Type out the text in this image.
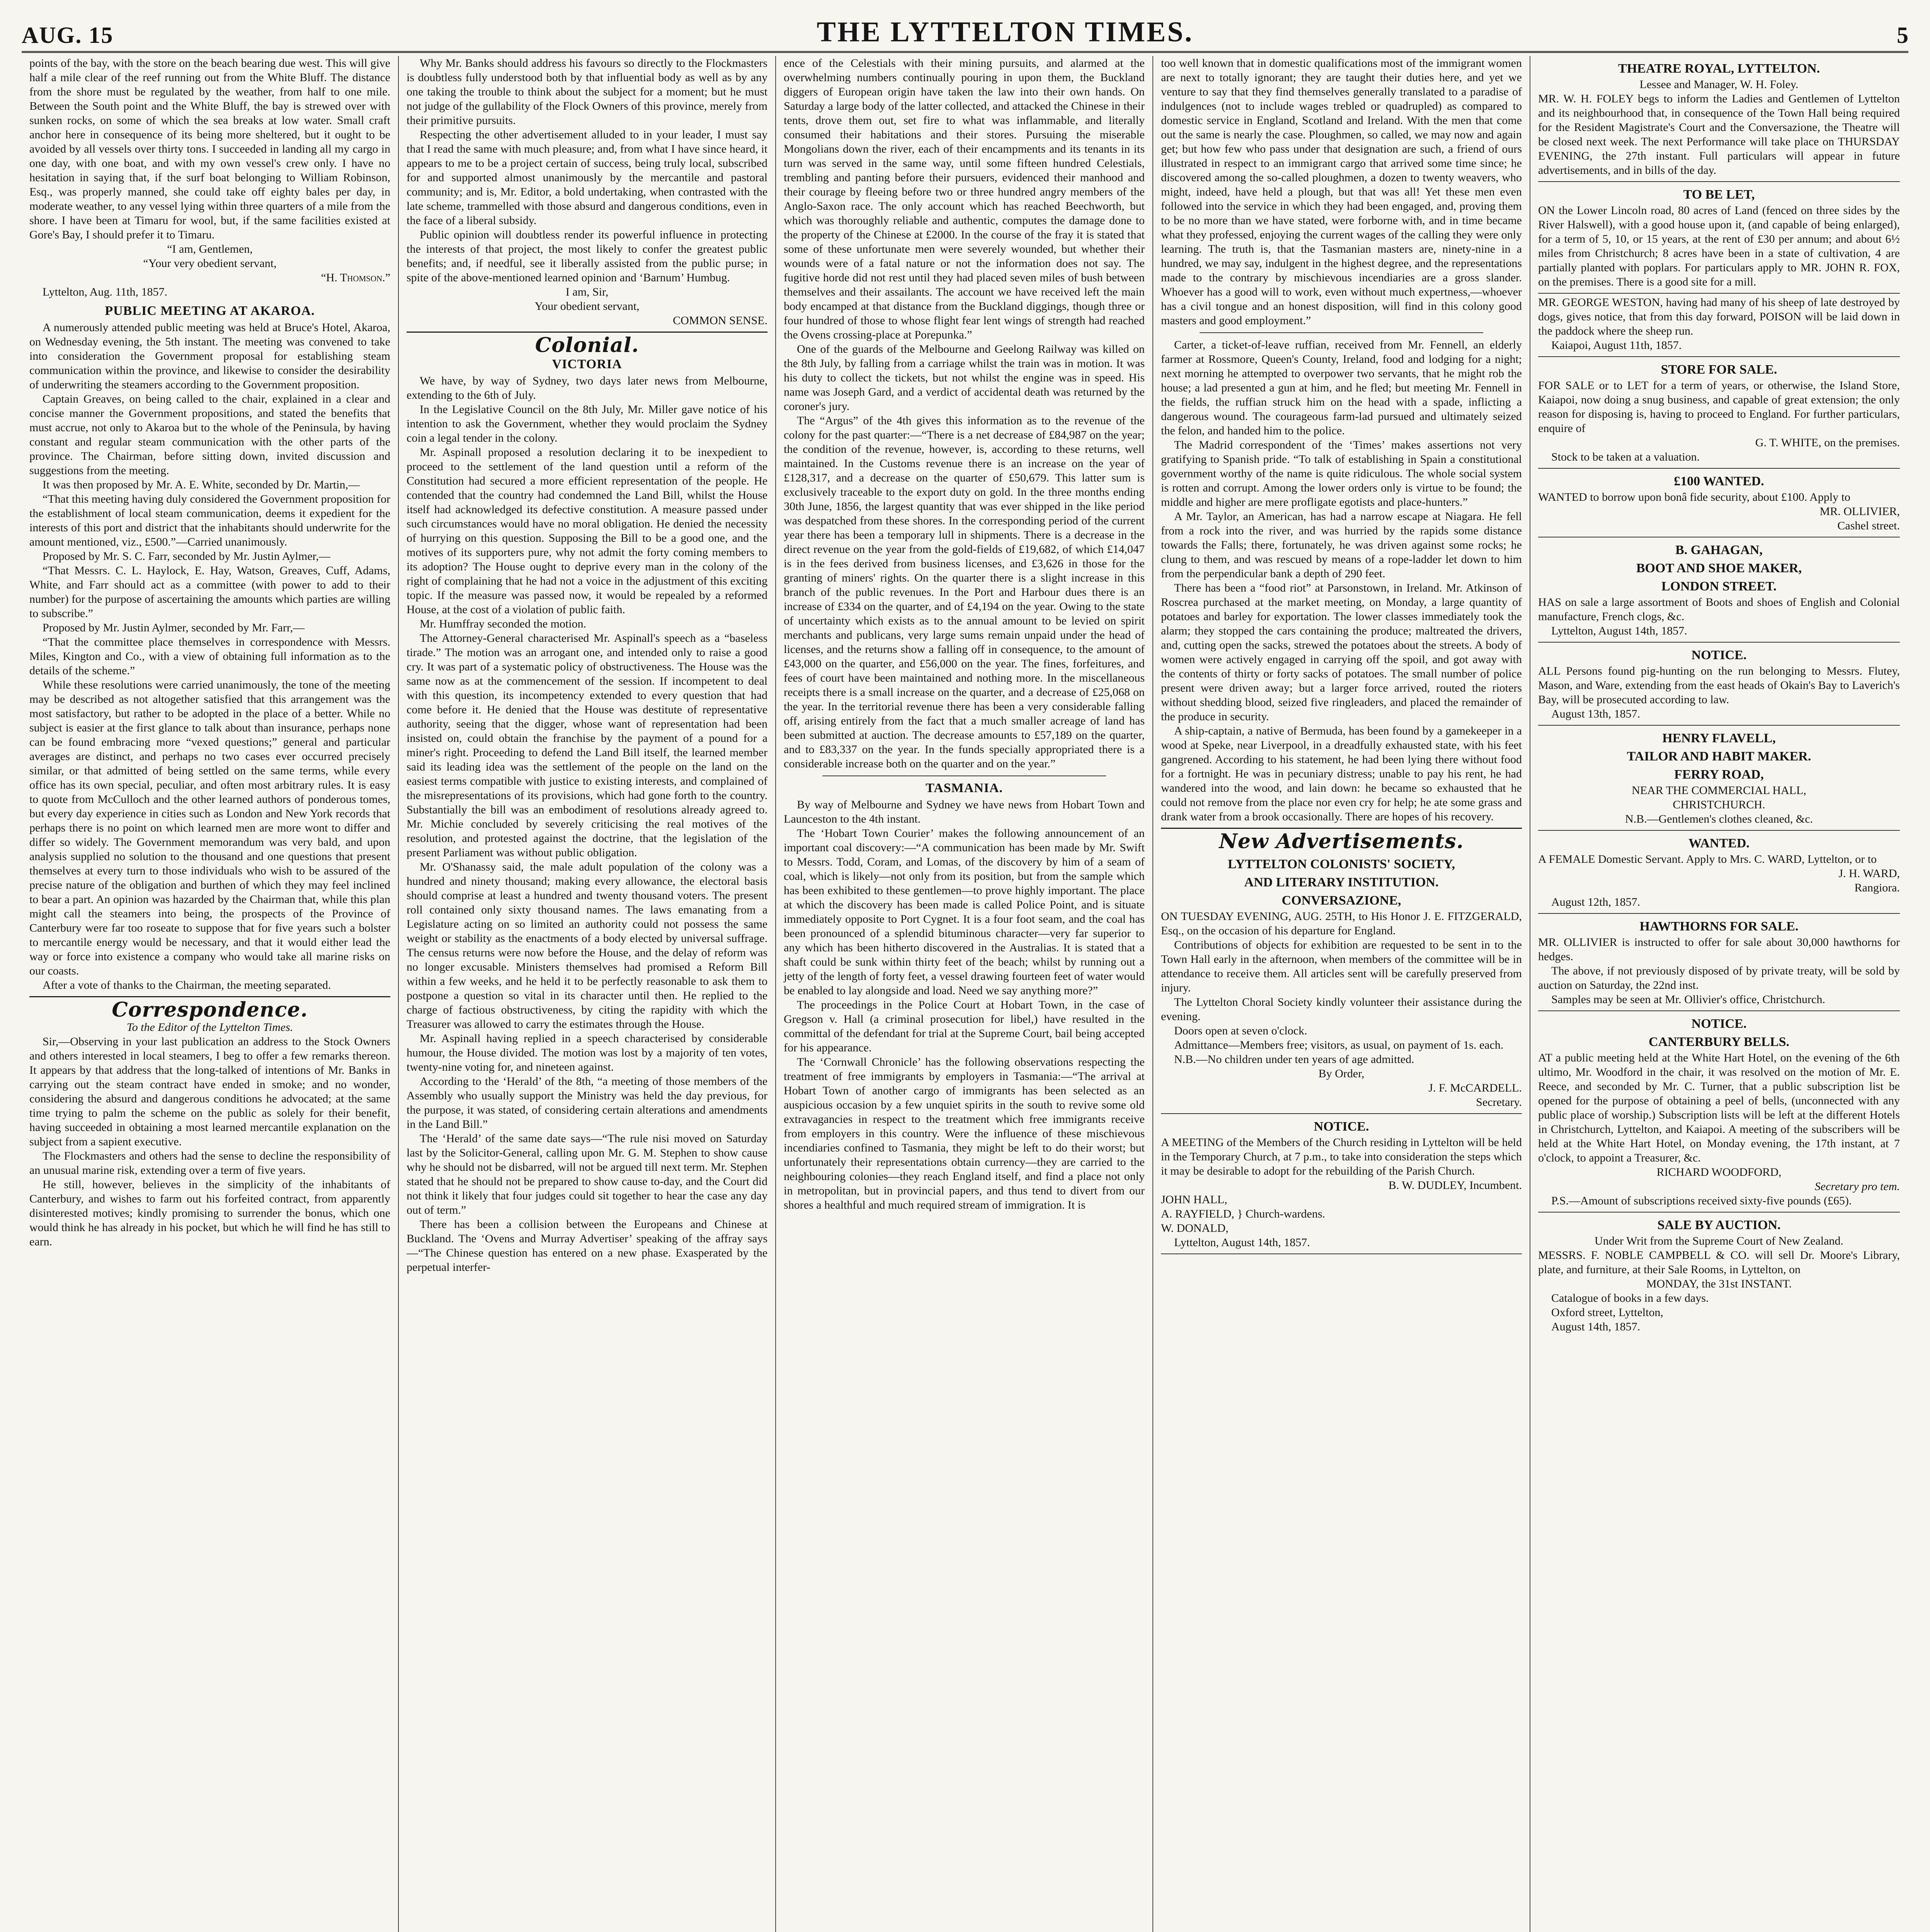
AUG. 15	THE LYTTELTON TIMES.	5

points of the bay, with the store on the beach bearing due west. This will give half a mile clear of the reef running out from the White Bluff. The distance from the shore must be regulated by the weather, from half to one mile. Between the South point and the White Bluff, the bay is strewed over with sunken rocks, on some of which the sea breaks at low water. Small craft anchor here in consequence of its being more sheltered, but it ought to be avoided by all vessels over thirty tons. I succeeded in landing all my cargo in one day, with one boat, and with my own vessel's crew only. I have no hesitation in saying that, if the surf boat belonging to William Robinson, Esq., was properly manned, she could take off eighty bales per day, in moderate weather, to any vessel lying within three quarters of a mile from the shore. I have been at Timaru for wool, but, if the same facilities existed at Gore's Bay, I should prefer it to Timaru.

“I am, Gentlemen,

“Your very obedient servant,

“H. Thomson.”

Lyttelton, Aug. 11th, 1857.

PUBLIC MEETING AT AKAROA.

A numerously attended public meeting was held at Bruce's Hotel, Akaroa, on Wednesday evening, the 5th instant. The meeting was convened to take into consideration the Government proposal for establishing steam communication within the province, and likewise to consider the desirability of underwriting the steamers according to the Government proposition.

Captain Greaves, on being called to the chair, explained in a clear and concise manner the Government propositions, and stated the benefits that must accrue, not only to Akaroa but to the whole of the Peninsula, by having constant and regular steam communication with the other parts of the province. The Chairman, before sitting down, invited discussion and suggestions from the meeting.

It was then proposed by Mr. A. E. White, seconded by Dr. Martin,—

“That this meeting having duly considered the Government proposition for the establishment of local steam communication, deems it expedient for the interests of this port and district that the inhabitants should underwrite for the amount mentioned, viz., £500.”—Carried unanimously.

Proposed by Mr. S. C. Farr, seconded by Mr. Justin Aylmer,—

“That Messrs. C. L. Haylock, E. Hay, Watson, Greaves, Cuff, Adams, White, and Farr should act as a committee (with power to add to their number) for the purpose of ascertaining the amounts which parties are willing to subscribe.”

Proposed by Mr. Justin Aylmer, seconded by Mr. Farr,—

“That the committee place themselves in correspondence with Messrs. Miles, Kington and Co., with a view of obtaining full information as to the details of the scheme.”

While these resolutions were carried unanimously, the tone of the meeting may be described as not altogether satisfied that this arrangement was the most satisfactory, but rather to be adopted in the place of a better. While no subject is easier at the first glance to talk about than insurance, perhaps none can be found embracing more “vexed questions;” general and particular averages are distinct, and perhaps no two cases ever occurred precisely similar, or that admitted of being settled on the same terms, while every office has its own special, peculiar, and often most arbitrary rules. It is easy to quote from McCulloch and the other learned authors of ponderous tomes, but every day experience in cities such as London and New York records that perhaps there is no point on which learned men are more wont to differ and differ so widely. The Government memorandum was very bald, and upon analysis supplied no solution to the thousand and one questions that present themselves at every turn to those individuals who wish to be assured of the precise nature of the obligation and burthen of which they may feel inclined to bear a part. An opinion was hazarded by the Chairman that, while this plan might call the steamers into being, the prospects of the Province of Canterbury were far too roseate to suppose that for five years such a bolster to mercantile energy would be necessary, and that it would either lead the way or force into existence a company who would take all marine risks on our coasts.

After a vote of thanks to the Chairman, the meeting separated.

Correspondence.

To the Editor of the Lyttelton Times.

Sir,—Observing in your last publication an address to the Stock Owners and others interested in local steamers, I beg to offer a few remarks thereon. It appears by that address that the long-talked of intentions of Mr. Banks in carrying out the steam contract have ended in smoke; and no wonder, considering the absurd and dangerous conditions he advocated; at the same time trying to palm the scheme on the public as solely for their benefit, having succeeded in obtaining a most learned mercantile explanation on the subject from a sapient executive.

The Flockmasters and others had the sense to decline the responsibility of an unusual marine risk, extending over a term of five years.

He still, however, believes in the simplicity of the inhabitants of Canterbury, and wishes to farm out his forfeited contract, from apparently disinterested motives; kindly promising to surrender the bonus, which one would think he has already in his pocket, but which he will find he has still to earn.

Why Mr. Banks should address his favours so directly to the Flockmasters is doubtless fully understood both by that influential body as well as by any one taking the trouble to think about the subject for a moment; but he must not judge of the gullability of the Flock Owners of this province, merely from their primitive pursuits.

Respecting the other advertisement alluded to in your leader, I must say that I read the same with much pleasure; and, from what I have since heard, it appears to me to be a project certain of success, being truly local, subscribed for and supported almost unanimously by the mercantile and pastoral community; and is, Mr. Editor, a bold undertaking, when contrasted with the late scheme, trammelled with those absurd and dangerous conditions, even in the face of a liberal subsidy.

Public opinion will doubtless render its powerful influence in protecting the interests of that project, the most likely to confer the greatest public benefits; and, if needful, see it liberally assisted from the public purse; in spite of the above-mentioned learned opinion and ‘Barnum’ Humbug.

I am, Sir,

Your obedient servant,

COMMON SENSE.

Colonial.
VICTORIA

We have, by way of Sydney, two days later news from Melbourne, extending to the 6th of July.

In the Legislative Council on the 8th July, Mr. Miller gave notice of his intention to ask the Government, whether they would proclaim the Sydney coin a legal tender in the colony.

Mr. Aspinall proposed a resolution declaring it to be inexpedient to proceed to the settlement of the land question until a reform of the Constitution had secured a more efficient representation of the people. He contended that the country had condemned the Land Bill, whilst the House itself had acknowledged its defective constitution. A measure passed under such circumstances would have no moral obligation. He denied the necessity of hurrying on this question. Supposing the Bill to be a good one, and the motives of its supporters pure, why not admit the forty coming members to its adoption? The House ought to deprive every man in the colony of the right of complaining that he had not a voice in the adjustment of this exciting topic. If the measure was passed now, it would be repealed by a reformed House, at the cost of a violation of public faith.

Mr. Humffray seconded the motion.

The Attorney-General characterised Mr. Aspinall's speech as a “baseless tirade.” The motion was an arrogant one, and intended only to raise a good cry. It was part of a systematic policy of obstructiveness. The House was the same now as at the commencement of the session. If incompetent to deal with this question, its incompetency extended to every question that had come before it. He denied that the House was destitute of representative authority, seeing that the digger, whose want of representation had been insisted on, could obtain the franchise by the payment of a pound for a miner's right. Proceeding to defend the Land Bill itself, the learned member said its leading idea was the settlement of the people on the land on the easiest terms compatible with justice to existing interests, and complained of the misrepresentations of its provisions, which had gone forth to the country. Substantially the bill was an embodiment of resolutions already agreed to. Mr. Michie concluded by severely criticising the real motives of the resolution, and protested against the doctrine, that the legislation of the present Parliament was without public obligation.

Mr. O'Shanassy said, the male adult population of the colony was a hundred and ninety thousand; making every allowance, the electoral basis should comprise at least a hundred and twenty thousand voters. The present roll contained only sixty thousand names. The laws emanating from a Legislature acting on so limited an authority could not possess the same weight or stability as the enactments of a body elected by universal suffrage. The census returns were now before the House, and the delay of reform was no longer excusable. Ministers themselves had promised a Reform Bill within a few weeks, and he held it to be perfectly reasonable to ask them to postpone a question so vital in its character until then. He replied to the charge of factious obstructiveness, by citing the rapidity with which the Treasurer was allowed to carry the estimates through the House.

Mr. Aspinall having replied in a speech characterised by considerable humour, the House divided. The motion was lost by a majority of ten votes, twenty-nine voting for, and nineteen against.

According to the ‘Herald’ of the 8th, “a meeting of those members of the Assembly who usually support the Ministry was held the day previous, for the purpose, it was stated, of considering certain alterations and amendments in the Land Bill.”

The ‘Herald’ of the same date says—“The rule nisi moved on Saturday last by the Solicitor-General, calling upon Mr. G. M. Stephen to show cause why he should not be disbarred, will not be argued till next term. Mr. Stephen stated that he should not be prepared to show cause to-day, and the Court did not think it likely that four judges could sit together to hear the case any day out of term.”

There has been a collision between the Europeans and Chinese at Buckland. The ‘Ovens and Murray Advertiser’ speaking of the affray says —“The Chinese question has entered on a new phase. Exasperated by the perpetual interfer-

ence of the Celestials with their mining pursuits, and alarmed at the overwhelming numbers continually pouring in upon them, the Buckland diggers of European origin have taken the law into their own hands. On Saturday a large body of the latter collected, and attacked the Chinese in their tents, drove them out, set fire to what was inflammable, and literally consumed their habitations and their stores. Pursuing the miserable Mongolians down the river, each of their encampments and its tenants in its turn was served in the same way, until some fifteen hundred Celestials, trembling and panting before their pursuers, evidenced their manhood and their courage by fleeing before two or three hundred angry members of the Anglo-Saxon race. The only account which has reached Beechworth, but which was thoroughly reliable and authentic, computes the damage done to the property of the Chinese at £2000. In the course of the fray it is stated that some of these unfortunate men were severely wounded, but whether their wounds were of a fatal nature or not the information does not say. The fugitive horde did not rest until they had placed seven miles of bush between themselves and their assailants. The account we have received left the main body encamped at that distance from the Buckland diggings, though three or four hundred of those to whose flight fear lent wings of strength had reached the Ovens crossing-place at Porepunka.”

One of the guards of the Melbourne and Geelong Railway was killed on the 8th July, by falling from a carriage whilst the train was in motion. It was his duty to collect the tickets, but not whilst the engine was in speed. His name was Joseph Gard, and a verdict of accidental death was returned by the coroner's jury.

The “Argus” of the 4th gives this information as to the revenue of the colony for the past quarter:—“There is a net decrease of £84,987 on the year; the condition of the revenue, however, is, according to these returns, well maintained. In the Customs revenue there is an increase on the year of £128,317, and a decrease on the quarter of £50,679. This latter sum is exclusively traceable to the export duty on gold. In the three months ending 30th June, 1856, the largest quantity that was ever shipped in the like period was despatched from these shores. In the corresponding period of the current year there has been a temporary lull in shipments. There is a decrease in the direct revenue on the year from the gold-fields of £19,682, of which £14,047 is in the fees derived from business licenses, and £3,626 in those for the granting of miners' rights. On the quarter there is a slight increase in this branch of the public revenues. In the Port and Harbour dues there is an increase of £334 on the quarter, and of £4,194 on the year. Owing to the state of uncertainty which exists as to the annual amount to be levied on spirit merchants and publicans, very large sums remain unpaid under the head of licenses, and the returns show a falling off in consequence, to the amount of £43,000 on the quarter, and £56,000 on the year. The fines, forfeitures, and fees of court have been maintained and nothing more. In the miscellaneous receipts there is a small increase on the quarter, and a decrease of £25,068 on the year. In the territorial revenue there has been a very considerable falling off, arising entirely from the fact that a much smaller acreage of land has been submitted at auction. The decrease amounts to £57,189 on the quarter, and to £83,337 on the year. In the funds specially appropriated there is a considerable increase both on the quarter and on the year.”

TASMANIA.

By way of Melbourne and Sydney we have news from Hobart Town and Launceston to the 4th instant.

The ‘Hobart Town Courier’ makes the following announcement of an important coal discovery:—“A communication has been made by Mr. Swift to Messrs. Todd, Coram, and Lomas, of the discovery by him of a seam of coal, which is likely—not only from its position, but from the sample which has been exhibited to these gentlemen—to prove highly important. The place at which the discovery has been made is called Police Point, and is situate immediately opposite to Port Cygnet. It is a four foot seam, and the coal has been pronounced of a splendid bituminous character—very far superior to any which has been hitherto discovered in the Australias. It is stated that a shaft could be sunk within thirty feet of the beach; whilst by running out a jetty of the length of forty feet, a vessel drawing fourteen feet of water would be enabled to lay alongside and load. Need we say anything more?”

The proceedings in the Police Court at Hobart Town, in the case of Gregson v. Hall (a criminal prosecution for libel,) have resulted in the committal of the defendant for trial at the Supreme Court, bail being accepted for his appearance.

The ‘Cornwall Chronicle’ has the following observations respecting the treatment of free immigrants by employers in Tasmania:—“The arrival at Hobart Town of another cargo of immigrants has been selected as an auspicious occasion by a few unquiet spirits in the south to revive some old extravagancies in respect to the treatment which free immigrants receive from employers in this country. Were the influence of these mischievous incendiaries confined to Tasmania, they might be left to do their worst; but unfortunately their representations obtain currency—they are carried to the neighbouring colonies—they reach England itself, and find a place not only in metropolitan, but in provincial papers, and thus tend to divert from our shores a healthful and much required stream of immigration. It is

too well known that in domestic qualifications most of the immigrant women are next to totally ignorant; they are taught their duties here, and yet we venture to say that they find themselves generally translated to a paradise of indulgences (not to include wages trebled or quadrupled) as compared to domestic service in England, Scotland and Ireland. With the men that come out the same is nearly the case. Ploughmen, so called, we may now and again get; but how few who pass under that designation are such, a friend of ours illustrated in respect to an immigrant cargo that arrived some time since; he discovered among the so-called ploughmen, a dozen to twenty weavers, who might, indeed, have held a plough, but that was all! Yet these men even followed into the service in which they had been engaged, and, proving them to be no more than we have stated, were forborne with, and in time became what they professed, enjoying the current wages of the calling they were only learning. The truth is, that the Tasmanian masters are, ninety-nine in a hundred, we may say, indulgent in the highest degree, and the representations made to the contrary by mischievous incendiaries are a gross slander. Whoever has a good will to work, even without much expertness,—whoever has a civil tongue and an honest disposition, will find in this colony good masters and good employment.”

Carter, a ticket-of-leave ruffian, received from Mr. Fennell, an elderly farmer at Rossmore, Queen's County, Ireland, food and lodging for a night; next morning he attempted to overpower two servants, that he might rob the house; a lad presented a gun at him, and he fled; but meeting Mr. Fennell in the fields, the ruffian struck him on the head with a spade, inflicting a dangerous wound. The courageous farm-lad pursued and ultimately seized the felon, and handed him to the police.

The Madrid correspondent of the ‘Times’ makes assertions not very gratifying to Spanish pride. “To talk of establishing in Spain a constitutional government worthy of the name is quite ridiculous. The whole social system is rotten and corrupt. Among the lower orders only is virtue to be found; the middle and higher are mere profligate egotists and place-hunters.”

A Mr. Taylor, an American, has had a narrow escape at Niagara. He fell from a rock into the river, and was hurried by the rapids some distance towards the Falls; there, fortunately, he was driven against some rocks; he clung to them, and was rescued by means of a rope-ladder let down to him from the perpendicular bank a depth of 290 feet.

There has been a “food riot” at Parsonstown, in Ireland. Mr. Atkinson of Roscrea purchased at the market meeting, on Monday, a large quantity of potatoes and barley for exportation. The lower classes immediately took the alarm; they stopped the cars containing the produce; maltreated the drivers, and, cutting open the sacks, strewed the potatoes about the streets. A body of women were actively engaged in carrying off the spoil, and got away with the contents of thirty or forty sacks of potatoes. The small number of police present were driven away; but a larger force arrived, routed the rioters without shedding blood, seized five ringleaders, and placed the remainder of the produce in security.

A ship-captain, a native of Bermuda, has been found by a gamekeeper in a wood at Speke, near Liverpool, in a dreadfully exhausted state, with his feet gangrened. According to his statement, he had been lying there without food for a fortnight. He was in pecuniary distress; unable to pay his rent, he had wandered into the wood, and lain down: he became so exhausted that he could not remove from the place nor even cry for help; he ate some grass and drank water from a brook occasionally. There are hopes of his recovery.

New Advertisements.
LYTTELTON COLONISTS' SOCIETY,
AND LITERARY INSTITUTION.
CONVERSAZIONE,

ON TUESDAY EVENING, AUG. 25TH, to His Honor J. E. FITZGERALD, Esq., on the occasion of his departure for England.

Contributions of objects for exhibition are requested to be sent in to the Town Hall early in the afternoon, when members of the committee will be in attendance to receive them. All articles sent will be carefully preserved from injury.

The Lyttelton Choral Society kindly volunteer their assistance during the evening.

Doors open at seven o'clock.

Admittance—Members free; visitors, as usual, on payment of 1s. each.

N.B.—No children under ten years of age admitted.

By Order,

J. F. McCARDELL.

Secretary.

NOTICE.

A MEETING of the Members of the Church residing in Lyttelton will be held in the Temporary Church, at 7 p.m., to take into consideration the steps which it may be desirable to adopt for the rebuilding of the Parish Church.

B. W. DUDLEY, Incumbent.

JOHN HALL,

A. RAYFIELD, } Church-wardens.

W. DONALD,

Lyttelton, August 14th, 1857.

THEATRE ROYAL, LYTTELTON.

Lessee and Manager, W. H. Foley.

MR. W. H. FOLEY begs to inform the Ladies and Gentlemen of Lyttelton and its neighbourhood that, in consequence of the Town Hall being required for the Resident Magistrate's Court and the Conversazione, the Theatre will be closed next week. The next Performance will take place on THURSDAY EVENING, the 27th instant. Full particulars will appear in future advertisements, and in bills of the day.

TO BE LET,

ON the Lower Lincoln road, 80 acres of Land (fenced on three sides by the River Halswell), with a good house upon it, (and capable of being enlarged), for a term of 5, 10, or 15 years, at the rent of £30 per annum; and about 6½ miles from Christchurch; 8 acres have been in a state of cultivation, 4 are partially planted with poplars. For particulars apply to MR. JOHN R. FOX, on the premises. There is a good site for a mill.

MR. GEORGE WESTON, having had many of his sheep of late destroyed by dogs, gives notice, that from this day forward, POISON will be laid down in the paddock where the sheep run.

Kaiapoi, August 11th, 1857.

STORE FOR SALE.

FOR SALE or to LET for a term of years, or otherwise, the Island Store, Kaiapoi, now doing a snug business, and capable of great extension; the only reason for disposing is, having to proceed to England. For further particulars, enquire of

G. T. WHITE, on the premises.

Stock to be taken at a valuation.

£100 WANTED.

WANTED to borrow upon bonâ fide security, about £100. Apply to

MR. OLLIVIER,

Cashel street.

B. GAHAGAN,
BOOT AND SHOE MAKER,
LONDON STREET.

HAS on sale a large assortment of Boots and shoes of English and Colonial manufacture, French clogs, &c.

Lyttelton, August 14th, 1857.

NOTICE.

ALL Persons found pig-hunting on the run belonging to Messrs. Flutey, Mason, and Ware, extending from the east heads of Okain's Bay to Laverich's Bay, will be prosecuted according to law.

August 13th, 1857.

HENRY FLAVELL,
TAILOR AND HABIT MAKER.
FERRY ROAD,

NEAR THE COMMERCIAL HALL,

CHRISTCHURCH.

N.B.—Gentlemen's clothes cleaned, &c.

WANTED.

A FEMALE Domestic Servant. Apply to Mrs. C. WARD, Lyttelton, or to

J. H. WARD,

Rangiora.

August 12th, 1857.

HAWTHORNS FOR SALE.

MR. OLLIVIER is instructed to offer for sale about 30,000 hawthorns for hedges.

The above, if not previously disposed of by private treaty, will be sold by auction on Saturday, the 22nd inst.

Samples may be seen at Mr. Ollivier's office, Christchurch.

NOTICE.
CANTERBURY BELLS.

AT a public meeting held at the White Hart Hotel, on the evening of the 6th ultimo, Mr. Woodford in the chair, it was resolved on the motion of Mr. E. Reece, and seconded by Mr. C. Turner, that a public subscription list be opened for the purpose of obtaining a peel of bells, (unconnected with any public place of worship.) Subscription lists will be left at the different Hotels in Christchurch, Lyttelton, and Kaiapoi. A meeting of the subscribers will be held at the White Hart Hotel, on Monday evening, the 17th instant, at 7 o'clock, to appoint a Treasurer, &c.

RICHARD WOODFORD,

Secretary pro tem.

P.S.—Amount of subscriptions received sixty-five pounds (£65).

SALE BY AUCTION.

Under Writ from the Supreme Court of New Zealand.

MESSRS. F. NOBLE CAMPBELL & CO. will sell Dr. Moore's Library, plate, and furniture, at their Sale Rooms, in Lyttelton, on

MONDAY, the 31st INSTANT.

Catalogue of books in a few days.

Oxford street, Lyttelton,

August 14th, 1857.
